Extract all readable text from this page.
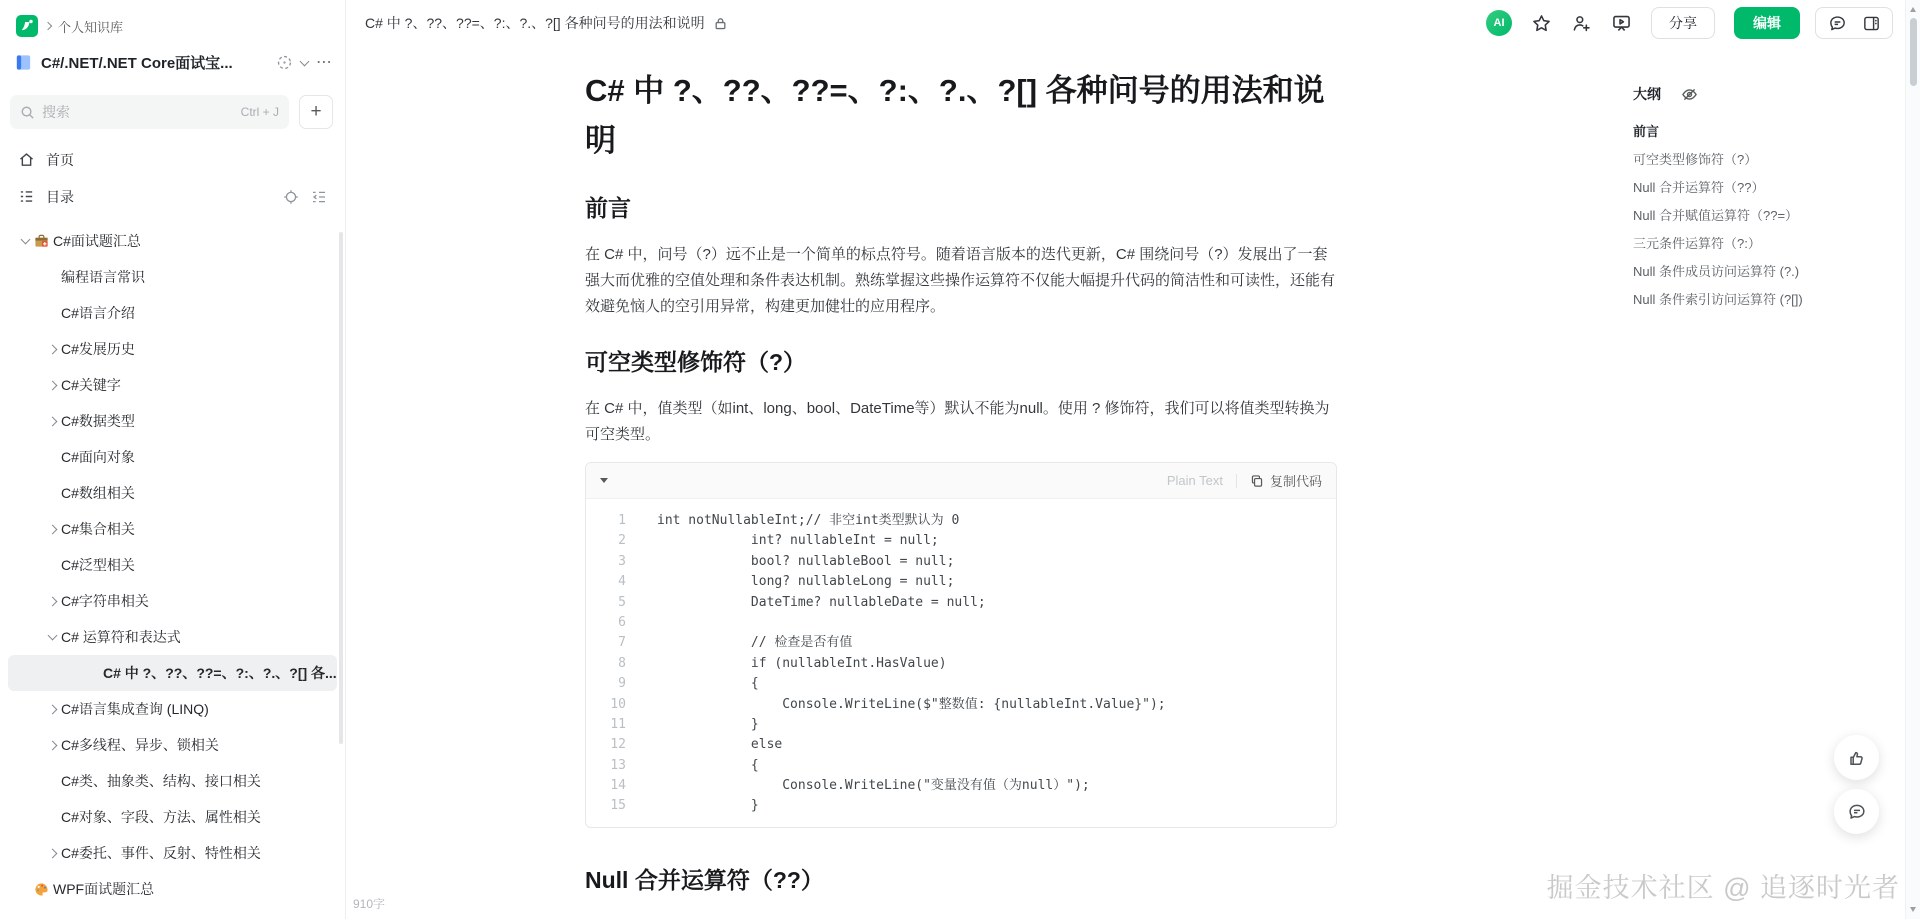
个人知识库
C#/.NET/.NET Core面试宝...	⋯
搜索
Ctrl + J	+
首页
目录
C#面试题汇总
编程语言常识
C#语言介绍
C#发展历史
C#关键字
C#数据类型
C#面向对象
C#数组相关
C#集合相关
C#泛型相关
C#字符串相关
C# 运算符和表达式
C# 中 ?、??、??=、?:、?.、?[] 各...
C#语言集成查询 (LINQ)
C#多线程、异步、锁相关
C#类、抽象类、结构、接口相关
C#对象、字段、方法、属性相关
C#委托、事件、反射、特性相关
WPF面试题汇总
C# 中 ?、??、??=、?:、?.、?[] 各种问号的用法和说明	AI	分享	编辑
C# 中 ?、??、??=、?:、?.、?[] 各种问号的用法和说明
前言

在 C# 中，问号（?）远不止是一个简单的标点符号。随着语言版本的迭代更新，C# 围绕问号（?）发展出了一套强大而优雅的空值处理和条件表达机制。熟练掌握这些操作运算符不仅能大幅提升代码的简洁性和可读性，还能有效避免恼人的空引用异常，构建更加健壮的应用程序。

可空类型修饰符（?）

在 C# 中，值类型（如int、long、bool、DateTime等）默认不能为null。使用 ? 修饰符，我们可以将值类型转换为可空类型。

Plain Text	复制代码
1	int notNullableInt;// 非空int类型默认为 0
2	int? nullableInt = null;
3	bool? nullableBool = null;
4	long? nullableLong = null;
5	DateTime? nullableDate = null;
6
7	// 检查是否有值
8	if (nullableInt.HasValue)
9	{
10	Console.WriteLine($"整数值: {nullableInt.Value}");
11	}
12	else
13	{
14	Console.WriteLine("变量没有值（为null）");
15	}
Null 合并运算符（??）
910字
掘金技术社区 @ 追逐时光者
大纲
前言
可空类型修饰符（?）
Null 合并运算符（??）
Null 合并赋值运算符（??=）
三元条件运算符（?:）
Null 条件成员访问运算符 (?.)
Null 条件索引访问运算符 (?[])
